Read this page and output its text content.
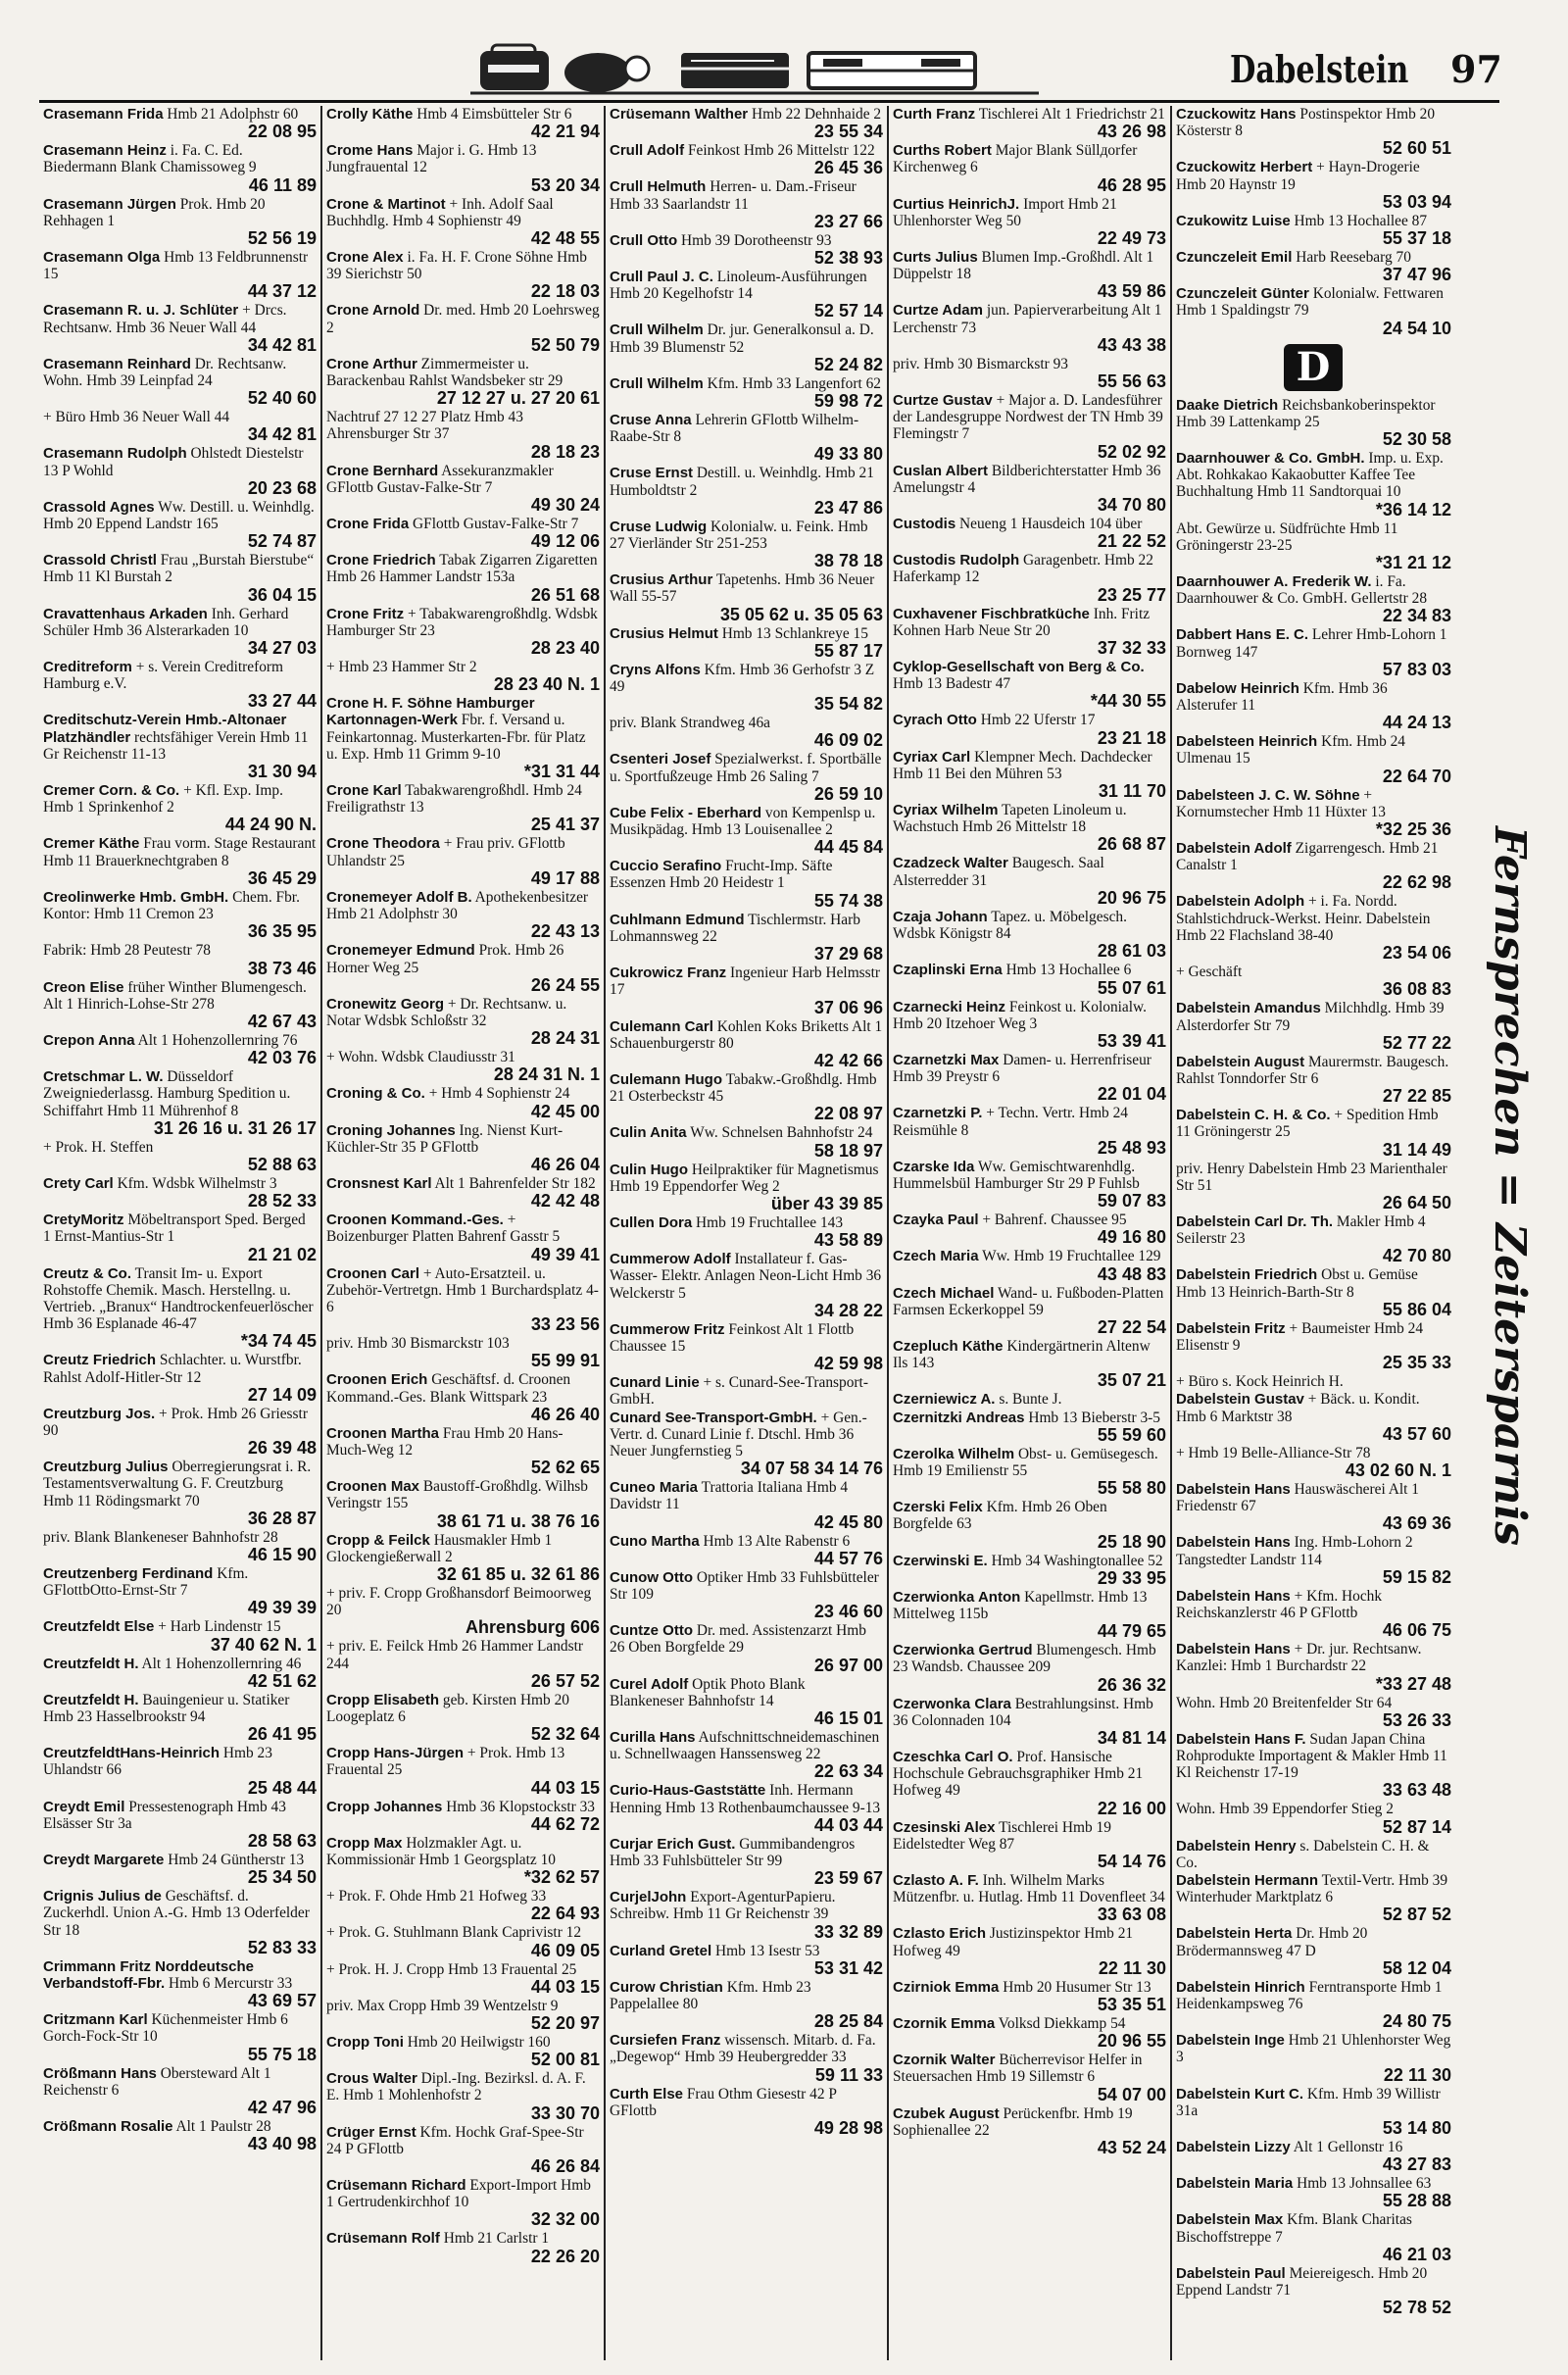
Dabelstein 97
Crasemann Frida Hmb 21 Adolphstr 60
22 08 95
Crasemann Heinz i. Fa. C. Ed. Biedermann Blank Chamissoweg 9
46 11 89
Crasemann Jürgen Prok. Hmb 20 Rehhagen 1
52 56 19
Crasemann Olga Hmb 13 Feldbrunnenstr 15
44 37 12
Crasemann R. u. J. Schlüter + Drcs. Rechtsanw. Hmb 36 Neuer Wall 44
34 42 81
Crasemann Reinhard Dr. Rechtsanw. Wohn. Hmb 39 Leinpfad 24
52 40 60
+ Büro Hmb 36 Neuer Wall 44
34 42 81
Crasemann Rudolph Ohlstedt Diestelstr 13 P Wohld
20 23 68
Crassold Agnes Ww. Destill. u. Weinhdlg. Hmb 20 Eppend Landstr 165
52 74 87
Crassold Christl Frau „Burstah Bierstube“ Hmb 11 Kl Burstah 2
36 04 15
Cravattenhaus Arkaden Inh. Gerhard Schüler Hmb 36 Alsterarkaden 10
34 27 03
Creditreform + s. Verein Creditreform Hamburg e.V.
33 27 44
Creditschutz-Verein Hmb.-Altonaer Platzhändler rechtsfähiger Verein Hmb 11 Gr Reichenstr 11-13
31 30 94
Cremer Corn. & Co. + Kfl. Exp. Imp. Hmb 1 Sprinkenhof 2
44 24 90 N.
Cremer Käthe Frau vorm. Stage Restaurant Hmb 11 Brauerknechtgraben 8
36 45 29
Creolinwerke Hmb. GmbH. Chem. Fbr. Kontor: Hmb 11 Cremon 23
36 35 95
Fabrik: Hmb 28 Peutestr 78
38 73 46
Creon Elise früher Winther Blumengesch. Alt 1 Hinrich-Lohse-Str 278
42 67 43
Crepon Anna Alt 1 Hohenzollernring 76
42 03 76
Cretschmar L. W. Düsseldorf Zweigniederlassg. Hamburg Spedition u. Schiffahrt Hmb 11 Mührenhof 8
31 26 16 u. 31 26 17
+ Prok. H. Steffen
52 88 63
Crety Carl Kfm. Wdsbk Wilhelmstr 3
28 52 33
CretyMoritz Möbeltransport Sped. Berged 1 Ernst-Mantius-Str 1
21 21 02
Creutz & Co. Transit Im- u. Export Rohstoffe Chemik. Masch. Herstellng. u. Vertrieb. „Branux“ Handtrockenfeuerlöscher Hmb 36 Esplanade 46-47
*34 74 45
Creutz Friedrich Schlachter. u. Wurstfbr. Rahlst Adolf-Hitler-Str 12
27 14 09
Creutzburg Jos. + Prok. Hmb 26 Griesstr 90
26 39 48
Creutzburg Julius Oberregierungsrat i. R. Testamentsverwaltung G. F. Creutzburg Hmb 11 Rödingsmarkt 70
36 28 87
priv. Blank Blankeneser Bahnhofstr 28
46 15 90
Creutzenberg Ferdinand Kfm. GFlottbOtto-Ernst-Str 7
49 39 39
Creutzfeldt Else + Harb Lindenstr 15
37 40 62 N. 1
Creutzfeldt H. Alt 1 Hohenzollernring 46
42 51 62
Creutzfeldt H. Bauingenieur u. Statiker Hmb 23 Hasselbrookstr 94
26 41 95
CreutzfeldtHans-Heinrich Hmb 23 Uhlandstr 66
25 48 44
Creydt Emil Pressestenograph Hmb 43 Elsässer Str 3a
28 58 63
Creydt Margarete Hmb 24 Güntherstr 13
25 34 50
Crignis Julius de Geschäftsf. d. Zuckerhdl. Union A.-G. Hmb 13 Oderfelder Str 18
52 83 33
Crimmann Fritz Norddeutsche Verbandstoff-Fbr. Hmb 6 Mercurstr 33
43 69 57
Critzmann Karl Küchenmeister Hmb 6 Gorch-Fock-Str 10
55 75 18
Crößmann Hans Obersteward Alt 1 Reichenstr 6
42 47 96
Crößmann Rosalie Alt 1 Paulstr 28
43 40 98
Crolly Käthe Hmb 4 Eimsbütteler Str 6
42 21 94
Crome Hans Major i. G. Hmb 13 Jungfrauental 12
53 20 34
Crone & Martinot + Inh. Adolf Saal Buchhdlg. Hmb 4 Sophienstr 49
42 48 55
Crone Alex i. Fa. H. F. Crone Söhne Hmb 39 Sierichstr 50
22 18 03
Crone Arnold Dr. med. Hmb 20 Loehrsweg 2
52 50 79
Crone Arthur Zimmermeister u. Barackenbau Rahlst Wandsbeker str 29
27 12 27 u. 27 20 61
Nachtruf 27 12 27 Platz Hmb 43 Ahrensburger Str 37
28 18 23
Crone Bernhard Assekuranzmakler GFlottb Gustav-Falke-Str 7
49 30 24
Crone Frida GFlottb Gustav-Falke-Str 7
49 12 06
Crone Friedrich Tabak Zigarren Zigaretten Hmb 26 Hammer Landstr 153a
26 51 68
Crone Fritz + Tabakwarengroßhdlg. Wdsbk Hamburger Str 23
28 23 40
+ Hmb 23 Hammer Str 2
28 23 40 N. 1
Crone H. F. Söhne Hamburger Kartonnagen-Werk Fbr. f. Versand u. Feinkartonnag. Musterkarten-Fbr. für Platz u. Exp. Hmb 11 Grimm 9-10
*31 31 44
Crone Karl Tabakwarengroßhdl. Hmb 24 Freiligrathstr 13
25 41 37
Crone Theodora + Frau priv. GFlottb Uhlandstr 25
49 17 88
Cronemeyer Adolf B. Apothekenbesitzer Hmb 21 Adolphstr 30
22 43 13
Cronemeyer Edmund Prok. Hmb 26 Horner Weg 25
26 24 55
Cronewitz Georg + Dr. Rechtsanw. u. Notar Wdsbk Schloßstr 32
28 24 31
+ Wohn. Wdsbk Claudiusstr 31
28 24 31 N. 1
Croning & Co. + Hmb 4 Sophienstr 24
42 45 00
Croning Johannes Ing. Nienst Kurt-Küchler-Str 35 P GFlottb
46 26 04
Cronsnest Karl Alt 1 Bahrenfelder Str 182
42 42 48
Croonen Kommand.-Ges. + Boizenburger Platten Bahrenf Gasstr 5
49 39 41
Croonen Carl + Auto-Ersatzteil. u. Zubehör-Vertretgn. Hmb 1 Burchardsplatz 4-6
33 23 56
priv. Hmb 30 Bismarckstr 103
55 99 91
Croonen Erich Geschäftsf. d. Croonen Kommand.-Ges. Blank Wittspark 23
46 26 40
Croonen Martha Frau Hmb 20 Hans-Much-Weg 12
52 62 65
Croonen Max Baustoff-Großhdlg. Wilhsb Veringstr 155
38 61 71 u. 38 76 16
Cropp & Feilck Hausmakler Hmb 1 Glockengießerwall 2
32 61 85 u. 32 61 86
+ priv. F. Cropp Großhansdorf Beimoorweg 20
Ahrensburg 606
+ priv. E. Feilck Hmb 26 Hammer Landstr 244
26 57 52
Cropp Elisabeth geb. Kirsten Hmb 20 Loogeplatz 6
52 32 64
Cropp Hans-Jürgen + Prok. Hmb 13 Frauental 25
44 03 15
Cropp Johannes Hmb 36 Klopstockstr 33
44 62 72
Cropp Max Holzmakler Agt. u. Kommissionär Hmb 1 Georgsplatz 10
*32 62 57
+ Prok. F. Ohde Hmb 21 Hofweg 33
22 64 93
+ Prok. G. Stuhlmann Blank Caprivistr 12
46 09 05
+ Prok. H. J. Cropp Hmb 13 Frauental 25
44 03 15
priv. Max Cropp Hmb 39 Wentzelstr 9
52 20 97
Cropp Toni Hmb 20 Heilwigstr 160
52 00 81
Crous Walter Dipl.-Ing. Bezirksl. d. A. F. E. Hmb 1 Mohlenhofstr 2
33 30 70
Crüger Ernst Kfm. Hochk Graf-Spee-Str 24 P GFlottb
46 26 84
Crüsemann Richard Export-Import Hmb 1 Gertrudenkirchhof 10
32 32 00
Crüsemann Rolf Hmb 21 Carlstr 1
22 26 20
Crüsemann Walther Hmb 22 Dehnhaide 2
23 55 34
Crull Adolf Feinkost Hmb 26 Mittelstr 122
26 45 36
Crull Helmuth Herren- u. Dam.-Friseur Hmb 33 Saarlandstr 11
23 27 66
Crull Otto Hmb 39 Dorotheenstr 93
52 38 93
Crull Paul J. C. Linoleum-Ausführungen Hmb 20 Kegelhofstr 14
52 57 14
Crull Wilhelm Dr. jur. Generalkonsul a. D. Hmb 39 Blumenstr 52
52 24 82
Crull Wilhelm Kfm. Hmb 33 Langenfort 62
59 98 72
Cruse Anna Lehrerin GFlottb Wilhelm-Raabe-Str 8
49 33 80
Cruse Ernst Destill. u. Weinhdlg. Hmb 21 Humboldtstr 2
23 47 86
Cruse Ludwig Kolonialw. u. Feink. Hmb 27 Vierländer Str 251-253
38 78 18
Crusius Arthur Tapetenhs. Hmb 36 Neuer Wall 55-57
35 05 62 u. 35 05 63
Crusius Helmut Hmb 13 Schlankreye 15
55 87 17
Cryns Alfons Kfm. Hmb 36 Gerhofstr 3 Z 49
35 54 82
priv. Blank Strandweg 46a
46 09 02
Csenteri Josef Spezialwerkst. f. Sportbälle u. Sportfußzeuge Hmb 26 Saling 7
26 59 10
Cube Felix - Eberhard von Kempenlsp u. Musikpädag. Hmb 13 Louisenallee 2
44 45 84
Cuccio Serafino Frucht-Imp. Säfte Essenzen Hmb 20 Heidestr 1
55 74 38
Cuhlmann Edmund Tischlermstr. Harb Lohmannsweg 22
37 29 68
Cukrowicz Franz Ingenieur Harb Helmsstr 17
37 06 96
Culemann Carl Kohlen Koks Briketts Alt 1 Schauenburgerstr 80
42 42 66
Culemann Hugo Tabakw.-Großhdlg. Hmb 21 Osterbeckstr 45
22 08 97
Culin Anita Ww. Schnelsen Bahnhofstr 24
58 18 97
Culin Hugo Heilpraktiker für Magnetismus Hmb 19 Eppendorfer Weg 2
über 43 39 85
Cullen Dora Hmb 19 Fruchtallee 143
43 58 89
Cummerow Adolf Installateur f. Gas- Wasser- Elektr. Anlagen Neon-Licht Hmb 36 Welckerstr 5
34 28 22
Cummerow Fritz Feinkost Alt 1 Flottb Chaussee 15
42 59 98
Cunard Linie + s. Cunard-See-Transport-GmbH.
Cunard See-Transport-GmbH. + Gen.-Vertr. d. Cunard Linie f. Dtschl. Hmb 36 Neuer Jungfernstieg 5
34 07 58 34 14 76
Cuneo Maria Trattoria Italiana Hmb 4 Davidstr 11
42 45 80
Cuno Martha Hmb 13 Alte Rabenstr 6
44 57 76
Cunow Otto Optiker Hmb 33 Fuhlsbütteler Str 109
23 46 60
Cuntze Otto Dr. med. Assistenzarzt Hmb 26 Oben Borgfelde 29
26 97 00
Curel Adolf Optik Photo Blank Blankeneser Bahnhofstr 14
46 15 01
Curilla Hans Aufschnittschneidemaschinen u. Schnellwaagen Hanssensweg 22
22 63 34
Curio-Haus-Gaststätte Inh. Hermann Henning Hmb 13 Rothenbaumchaussee 9-13
44 03 44
Curjar Erich Gust. Gummibandengros Hmb 33 Fuhlsbütteler Str 99
23 59 67
CurjelJohn Export-AgenturPapieru. Schreibw. Hmb 11 Gr Reichenstr 39
33 32 89
Curland Gretel Hmb 13 Isestr 53
53 31 42
Curow Christian Kfm. Hmb 23 Pappelallee 80
28 25 84
Cursiefen Franz wissensch. Mitarb. d. Fa. „Degewop“ Hmb 39 Heubergredder 33
59 11 33
Curth Else Frau Othm Giesestr 42 P GFlottb
49 28 98
Curth Franz Tischlerei Alt 1 Friedrichstr 21
43 26 98
Curths Robert Major Blank Süllдorfer Kirchenweg 6
46 28 95
Curtius HeinrichJ. Import Hmb 21 Uhlenhorster Weg 50
22 49 73
Curts Julius Blumen Imp.-Großhdl. Alt 1 Düppelstr 18
43 59 86
Curtze Adam jun. Papierverarbeitung Alt 1 Lerchenstr 73
43 43 38
priv. Hmb 30 Bismarckstr 93
55 56 63
Curtze Gustav + Major a. D. Landesführer der Landesgruppe Nordwest der TN Hmb 39 Flemingstr 7
52 02 92
Cuslan Albert Bildberichterstatter Hmb 36 Amelungstr 4
34 70 80
Custodis Neueng 1 Hausdeich 104 über
21 22 52
Custodis Rudolph Garagenbetr. Hmb 22 Haferkamp 12
23 25 77
Cuxhavener Fischbratküche Inh. Fritz Kohnen Harb Neue Str 20
37 32 33
Cyklop-Gesellschaft von Berg & Co. Hmb 13 Badestr 47
*44 30 55
Cyrach Otto Hmb 22 Uferstr 17
23 21 18
Cyriax Carl Klempner Mech. Dachdecker Hmb 11 Bei den Mühren 53
31 11 70
Cyriax Wilhelm Tapeten Linoleum u. Wachstuch Hmb 26 Mittelstr 18
26 68 87
Czadzeck Walter Baugesch. Saal Alsterredder 31
20 96 75
Czaja Johann Tapez. u. Möbelgesch. Wdsbk Königstr 84
28 61 03
Czaplinski Erna Hmb 13 Hochallee 6
55 07 61
Czarnecki Heinz Feinkost u. Kolonialw. Hmb 20 Itzehoer Weg 3
53 39 41
Czarnetzki Max Damen- u. Herrenfriseur Hmb 39 Preystr 6
22 01 04
Czarnetzki P. + Techn. Vertr. Hmb 24 Reismühle 8
25 48 93
Czarske Ida Ww. Gemischtwarenhdlg. Hummelsbül Hamburger Str 29 P Fuhlsb
59 07 83
Czayka Paul + Bahrenf. Chaussee 95
49 16 80
Czech Maria Ww. Hmb 19 Fruchtallee 129
43 48 83
Czech Michael Wand- u. Fußboden-Platten Farmsen Eckerkoppel 59
27 22 54
Czepluch Käthe Kindergärtnerin Altenw Ils 143
35 07 21
Czerniewicz A. s. Bunte J.
Czernitzki Andreas Hmb 13 Bieberstr 3-5
55 59 60
Czerolka Wilhelm Obst- u. Gemüsegesch. Hmb 19 Emilienstr 55
55 58 80
Czerski Felix Kfm. Hmb 26 Oben Borgfelde 63
25 18 90
Czerwinski E. Hmb 34 Washingtonallee 52
29 33 95
Czerwionka Anton Kapellmstr. Hmb 13 Mittelweg 115b
44 79 65
Czerwionka Gertrud Blumengesch. Hmb 23 Wandsb. Chaussee 209
26 36 32
Czerwonka Clara Bestrahlungsinst. Hmb 36 Colonnaden 104
34 81 14
Czeschka Carl O. Prof. Hansische Hochschule Gebrauchsgraphiker Hmb 21 Hofweg 49
22 16 00
Czesinski Alex Tischlerei Hmb 19 Eidelstedter Weg 87
54 14 76
Czlasto A. F. Inh. Wilhelm Marks Mützenfbr. u. Hutlag. Hmb 11 Dovenfleet 34
33 63 08
Czlasto Erich Justizinspektor Hmb 21 Hofweg 49
22 11 30
Czirniok Emma Hmb 20 Husumer Str 13
53 35 51
Czornik Emma Volksd Diekkamp 54
20 96 55
Czornik Walter Bücherrevisor Helfer in Steuersachen Hmb 19 Sillemstr 6
54 07 00
Czubek August Perückenfbr. Hmb 19 Sophienallee 22
43 52 24
Czuckowitz Hans Postinspektor Hmb 20 Kösterstr 8
52 60 51
Czuckowitz Herbert + Hayn-Drogerie Hmb 20 Haynstr 19
53 03 94
Czukowitz Luise Hmb 13 Hochallee 87
55 37 18
Czunczeleit Emil Harb Reesebarg 70
37 47 96
Czunczeleit Günter Kolonialw. Fettwaren Hmb 1 Spaldingstr 79
24 54 10
D
Daake Dietrich Reichsbankoberinspektor Hmb 39 Lattenkamp 25
52 30 58
Daarnhouwer & Co. GmbH. Imp. u. Exp. Abt. Rohkakao Kakaobutter Kaffee Tee Buchhaltung Hmb 11 Sandtorquai 10
*36 14 12
Abt. Gewürze u. Südfrüchte Hmb 11 Gröningerstr 23-25
*31 21 12
Daarnhouwer A. Frederik W. i. Fa. Daarnhouwer & Co. GmbH. Gellertstr 28
22 34 83
Dabbert Hans E. C. Lehrer Hmb-Lohorn 1 Bornweg 147
57 83 03
Dabelow Heinrich Kfm. Hmb 36 Alsterufer 11
44 24 13
Dabelsteen Heinrich Kfm. Hmb 24 Ulmenau 15
22 64 70
Dabelsteen J. C. W. Söhne + Kornumstecher Hmb 11 Hüxter 13
*32 25 36
Dabelstein Adolf Zigarrengesch. Hmb 21 Canalstr 1
22 62 98
Dabelstein Adolph + i. Fa. Nordd. Stahlstichdruck-Werkst. Heinr. Dabelstein Hmb 22 Flachsland 38-40
23 54 06
+ Geschäft
36 08 83
Dabelstein Amandus Milchhdlg. Hmb 39 Alsterdorfer Str 79
52 77 22
Dabelstein August Maurermstr. Baugesch. Rahlst Tonndorfer Str 6
27 22 85
Dabelstein C. H. & Co. + Spedition Hmb 11 Gröningerstr 25
31 14 49
priv. Henry Dabelstein Hmb 23 Marienthaler Str 51
26 64 50
Dabelstein Carl Dr. Th. Makler Hmb 4 Seilerstr 23
42 70 80
Dabelstein Friedrich Obst u. Gemüse Hmb 13 Heinrich-Barth-Str 8
55 86 04
Dabelstein Fritz + Baumeister Hmb 24 Elisenstr 9
25 35 33
+ Büro s. Kock Heinrich H.
Dabelstein Gustav + Bäck. u. Kondit. Hmb 6 Marktstr 38
43 57 60
+ Hmb 19 Belle-Alliance-Str 78
43 02 60 N. 1
Dabelstein Hans Hauswäscherei Alt 1 Friedenstr 67
43 69 36
Dabelstein Hans Ing. Hmb-Lohorn 2 Tangstedter Landstr 114
59 15 82
Dabelstein Hans + Kfm. Hochk Reichskanzlerstr 46 P GFlottb
46 06 75
Dabelstein Hans + Dr. jur. Rechtsanw. Kanzlei: Hmb 1 Burchardstr 22
*33 27 48
Wohn. Hmb 20 Breitenfelder Str 64
53 26 33
Dabelstein Hans F. Sudan Japan China Rohprodukte Importagent & Makler Hmb 11 Kl Reichenstr 17-19
33 63 48
Wohn. Hmb 39 Eppendorfer Stieg 2
52 87 14
Dabelstein Henry s. Dabelstein C. H. & Co.
Dabelstein Hermann Textil-Vertr. Hmb 39 Winterhuder Marktplatz 6
52 87 52
Dabelstein Herta Dr. Hmb 20 Brödermannsweg 47 D
58 12 04
Dabelstein Hinrich Ferntransporte Hmb 1 Heidenkampsweg 76
24 80 75
Dabelstein Inge Hmb 21 Uhlenhorster Weg 3
22 11 30
Dabelstein Kurt C. Kfm. Hmb 39 Willistr 31a
53 14 80
Dabelstein Lizzy Alt 1 Gellonstr 16
43 27 83
Dabelstein Maria Hmb 13 Johnsallee 63
55 28 88
Dabelstein Max Kfm. Blank Charitas Bischoffstreppe 7
46 21 03
Dabelstein Paul Meiereigesch. Hmb 20 Eppend Landstr 71
52 78 52
Fernsprechen = Zeitersparnis
